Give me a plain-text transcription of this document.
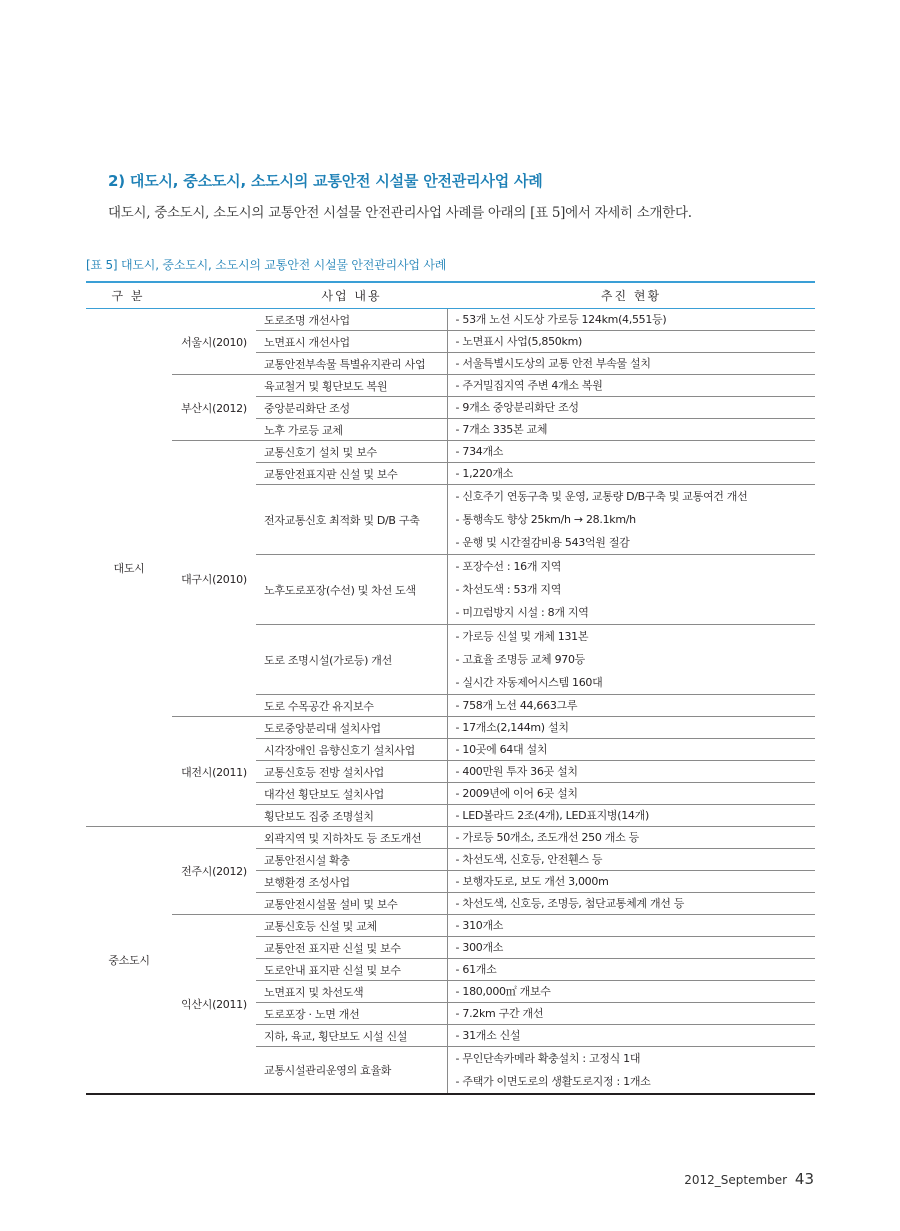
2) 대도시, 중소도시, 소도시의 교통안전 시설물 안전관리사업 사례

대도시, 중소도시, 소도시의 교통안전 시설물 안전관리사업 사례를 아래의 [표 5]에서 자세히 소개한다.

[표 5] 대도시, 중소도시, 소도시의 교통안전 시설물 안전관리사업 사례

구 분		사업 내용	추진 현황
대도시	서울시(2010)	도로조명 개선사업	- 53개 노선 시도상 가로등 124km(4,551등)

		노면표시 개선사업	- 노면표시 사업(5,850km)

		교통안전부속물 특별유지관리 사업	- 서울특별시도상의 교통 안전 부속물 설치

	부산시(2012)	육교철거 및 횡단보도 복원	- 주거밀집지역 주변 4개소 복원

		중앙분리화단 조성	- 9개소 중앙분리화단 조성

		노후 가로등 교체	- 7개소 335본 교체

	대구시(2010)	교통신호기 설치 및 보수	- 734개소

		교통안전표지판 신설 및 보수	- 1,220개소

		전자교통신호 최적화 및 D/B 구축	- 신호주기 연동구축 및 운영, 교통량 D/B구축 및 교통여건 개선
- 통행속도 향상 25km/h → 28.1km/h
- 운행 및 시간절감비용 543억원 절감

		노후도로포장(수선) 및 차선 도색	- 포장수선 : 16개 지역
- 차선도색 : 53개 지역
- 미끄럼방지 시설 : 8개 지역

		도로 조명시설(가로등) 개선	- 가로등 신설 및 개체 131본
- 고효율 조명등 교체 970등
- 실시간 자동제어시스템 160대

		도로 수목공간 유지보수	- 758개 노선 44,663그루

	대전시(2011)	도로중앙분리대 설치사업	- 17개소(2,144m) 설치

		시각장애인 음향신호기 설치사업	- 10곳에 64대 설치

		교통신호등 전방 설치사업	- 400만원 투자 36곳 설치

		대각선 횡단보도 설치사업	- 2009년에 이어 6곳 설치

		횡단보도 집중 조명설치	- LED볼라드 2조(4개), LED표지병(14개)

중소도시	전주시(2012)	외곽지역 및 지하차도 등 조도개선	- 가로등 50개소, 조도개선 250 개소 등

		교통안전시설 확충	- 차선도색, 신호등, 안전휀스 등

		보행환경 조성사업	- 보행자도로, 보도 개선 3,000m

		교통안전시설물 설비 및 보수	- 차선도색, 신호등, 조명등, 첨단교통체계 개선 등

	익산시(2011)	교통신호등 신설 및 교체	- 310개소

		교통안전 표지판 신설 및 보수	- 300개소

		도로안내 표지판 신설 및 보수	- 61개소

		노면표지 및 차선도색	- 180,000㎡ 개보수

		도로포장 · 노면 개선	- 7.2km 구간 개선

		지하, 육교, 횡단보도 시설 신설	- 31개소 신설

		교통시설관리운영의 효율화	- 무인단속카메라 확충설치 : 고정식 1대
- 주택가 이면도로의 생활도로지정 : 1개소
2012_September 43
